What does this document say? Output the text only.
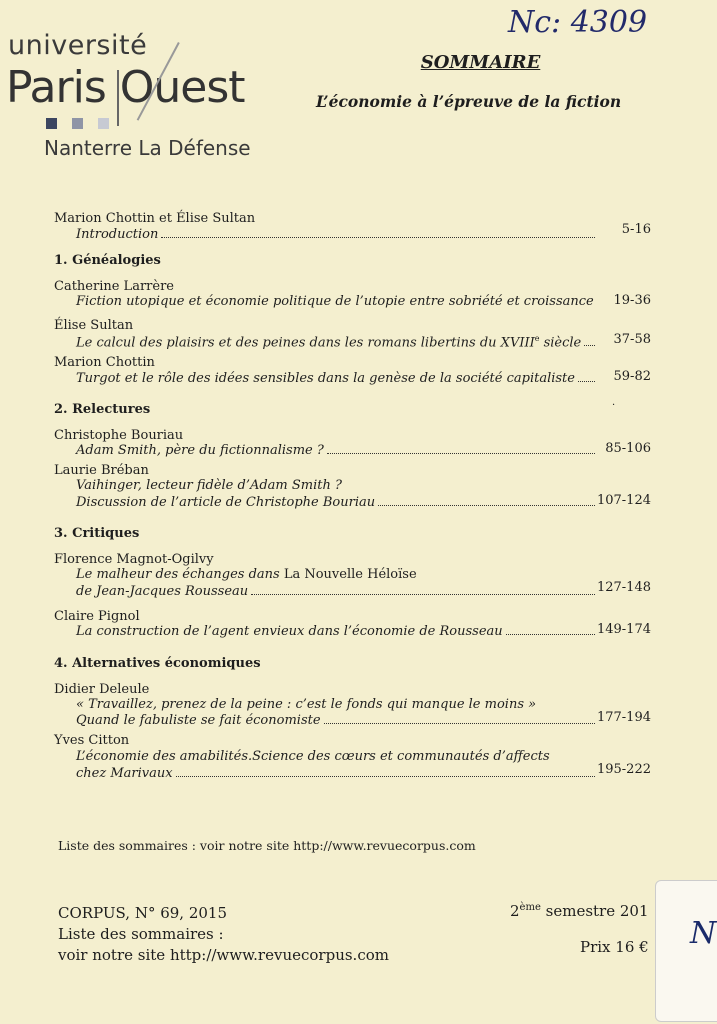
université
Paris Ouest
Nanterre La Défense
Nc: 4309
SOMMAIRE
L’économie à l’épreuve de la fiction
Marion Chottin et Élise Sultan
Introduction	5-16
1. Généalogies
Catherine Larrère
Fiction utopique et économie politique de l’utopie entre sobriété et croissance 19-36
Élise Sultan
Le calcul des plaisirs et des peines dans les romans libertins du XVIIIe siècle 37-58
Marion Chottin
Turgot et le rôle des idées sensibles dans la genèse de la société capitaliste	59-82
2. Relectures
Christophe Bouriau
Adam Smith, père du fictionnalisme ?	85-106
Laurie Bréban
Vaihinger, lecteur fidèle d’Adam Smith ?
Discussion de l’article de Christophe Bouriau	107-124
3. Critiques
Florence Magnot-Ogilvy
Le malheur des échanges dans La Nouvelle Héloïse
de Jean-Jacques Rousseau	127-148
Claire Pignol
La construction de l’agent envieux dans l’économie de Rousseau	149-174
4. Alternatives économiques
Didier Deleule
« Travaillez, prenez de la peine : c’est le fonds qui manque le moins »
Quand le fabuliste se fait économiste	177-194
Yves Citton
L’économie des amabilités.Science des cœurs et communautés d’affects
chez Marivaux	195-222
Liste des sommaires : voir notre site http://www.revuecorpus.com
CORPUS, N° 69, 2015
Liste des sommaires :
voir notre site http://www.revuecorpus.com
2ème semestre 201
Prix 16 € N
·
